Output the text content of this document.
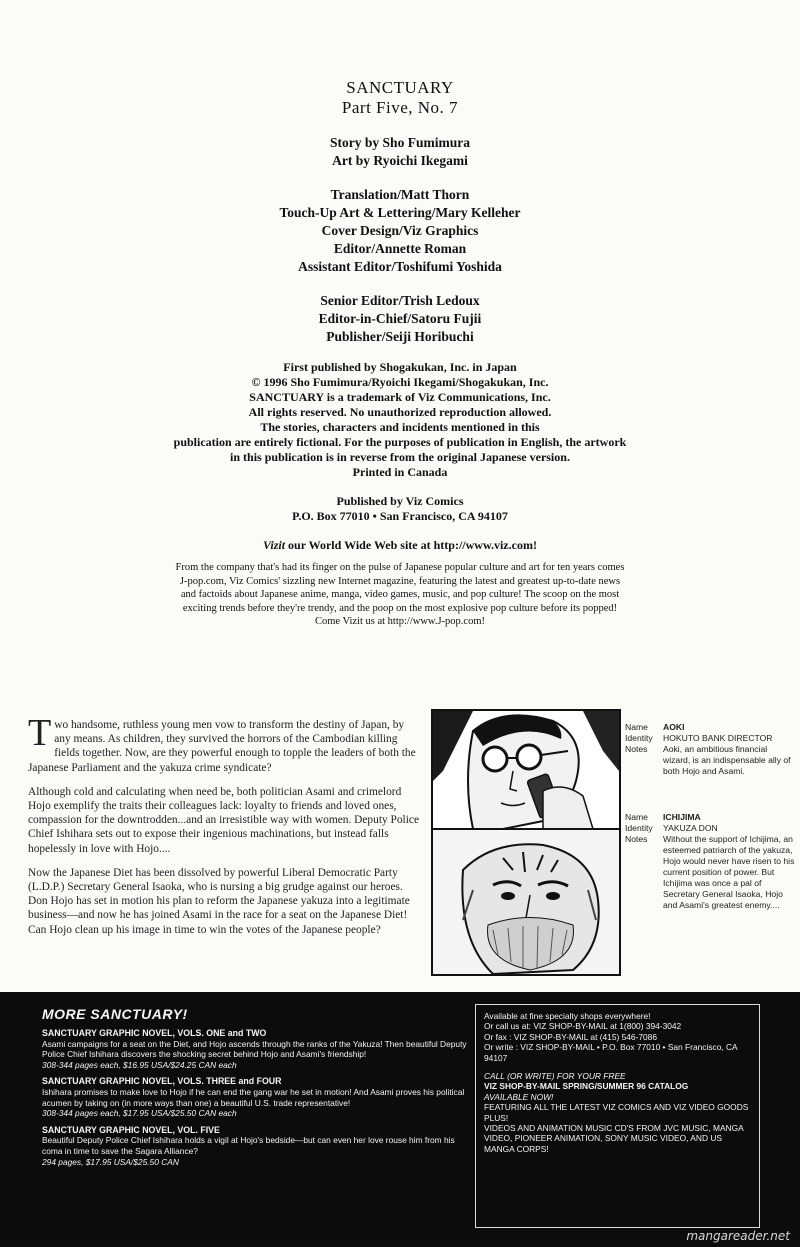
SANCTUARY
Part Five, No. 7
Story by Sho Fumimura
Art by Ryoichi Ikegami
Translation/Matt Thorn
Touch-Up Art & Lettering/Mary Kelleher
Cover Design/Viz Graphics
Editor/Annette Roman
Assistant Editor/Toshifumi Yoshida
Senior Editor/Trish Ledoux
Editor-in-Chief/Satoru Fujii
Publisher/Seiji Horibuchi
First published by Shogakukan, Inc. in Japan
© 1996 Sho Fumimura/Ryoichi Ikegami/Shogakukan, Inc.
SANCTUARY is a trademark of Viz Communications, Inc.
All rights reserved. No unauthorized reproduction allowed.
The stories, characters and incidents mentioned in this
publication are entirely fictional. For the purposes of publication in English, the artwork
in this publication is in reverse from the original Japanese version.
Printed in Canada
Published by Viz Comics
P.O. Box 77010 • San Francisco, CA 94107
Vizit our World Wide Web site at http://www.viz.com!
From the company that's had its finger on the pulse of Japanese popular culture and art for ten years comes
J-pop.com, Viz Comics' sizzling new Internet magazine, featuring the latest and greatest up-to-date news
and factoids about Japanese anime, manga, video games, music, and pop culture! The scoop on the most
exciting trends before they're trendy, and the poop on the most explosive pop culture before its popped!
Come Vizit us at http://www.J-pop.com!

Two handsome, ruthless young men vow to transform the destiny of Japan, by any means. As children, they survived the horrors of the Cambodian killing fields together. Now, are they powerful enough to topple the leaders of both the Japanese Parliament and the yakuza crime syndicate?

Although cold and calculating when need be, both politician Asami and crimelord Hojo exemplify the traits their colleagues lack: loyalty to friends and loved ones, compassion for the downtrodden...and an irresistible way with women. Deputy Police Chief Ishihara sets out to expose their ingenious machinations, but instead falls hopelessly in love with Hojo....

Now the Japanese Diet has been dissolved by powerful Liberal Democratic Party (L.D.P.) Secretary General Isaoka, who is nursing a big grudge against our heroes. Don Hojo has set in motion his plan to reform the Japanese yakuza into a legitimate business—and now he has joined Asami in the race for a seat on the Japanese Diet! Can Hojo clean up his image in time to win the votes of the Japanese people?

Name	AOKI
Identity	HOKUTO BANK DIRECTOR
Notes	Aoki, an ambitious financial wizard, is an indispensable ally of both Hojo and Asami.
Name	ICHIJIMA
Identity	YAKUZA DON
Notes	Without the support of Ichijima, an esteemed patriarch of the yakuza, Hojo would never have risen to his current position of power. But Ichijima was once a pal of Secretary General Isaoka, Hojo and Asami's greatest enemy....
MORE SANCTUARY!
SANCTUARY GRAPHIC NOVEL, VOLS. ONE and TWO
Asami campaigns for a seat on the Diet, and Hojo ascends through the ranks of the Yakuza! Then beautiful Deputy Police Chief Ishihara discovers the shocking secret behind Hojo and Asami's friendship!
308-344 pages each, $16.95 USA/$24.25 CAN each
SANCTUARY GRAPHIC NOVEL, VOLS. THREE and FOUR
Ishihara promises to make love to Hojo if he can end the gang war he set in motion! And Asami proves his political acumen by taking on (in more ways than one) a beautiful U.S. trade representative!
308-344 pages each, $17.95 USA/$25.50 CAN each
SANCTUARY GRAPHIC NOVEL, VOL. FIVE
Beautiful Deputy Police Chief Ishihara holds a vigil at Hojo's bedside—but can even her love rouse him from his coma in time to save the Sagara Alliance?
294 pages, $17.95 USA/$25.50 CAN
Available at fine specialty shops everywhere!
Or call us at: VIZ SHOP-BY-MAIL at 1(800) 394-3042
Or fax : VIZ SHOP-BY-MAIL at (415) 546-7086
Or write : VIZ SHOP-BY-MAIL • P.O. Box 77010 • San Francisco, CA 94107
CALL (OR WRITE) FOR YOUR FREE
VIZ SHOP-BY-MAIL SPRING/SUMMER 96 CATALOG
AVAILABLE NOW!
FEATURING ALL THE LATEST VIZ COMICS AND VIZ VIDEO GOODS PLUS!
VIDEOS AND ANIMATION MUSIC CD'S FROM JVC MUSIC, MANGA VIDEO, PIONEER ANIMATION, SONY MUSIC VIDEO, AND US MANGA CORPS!
mangareader.net
